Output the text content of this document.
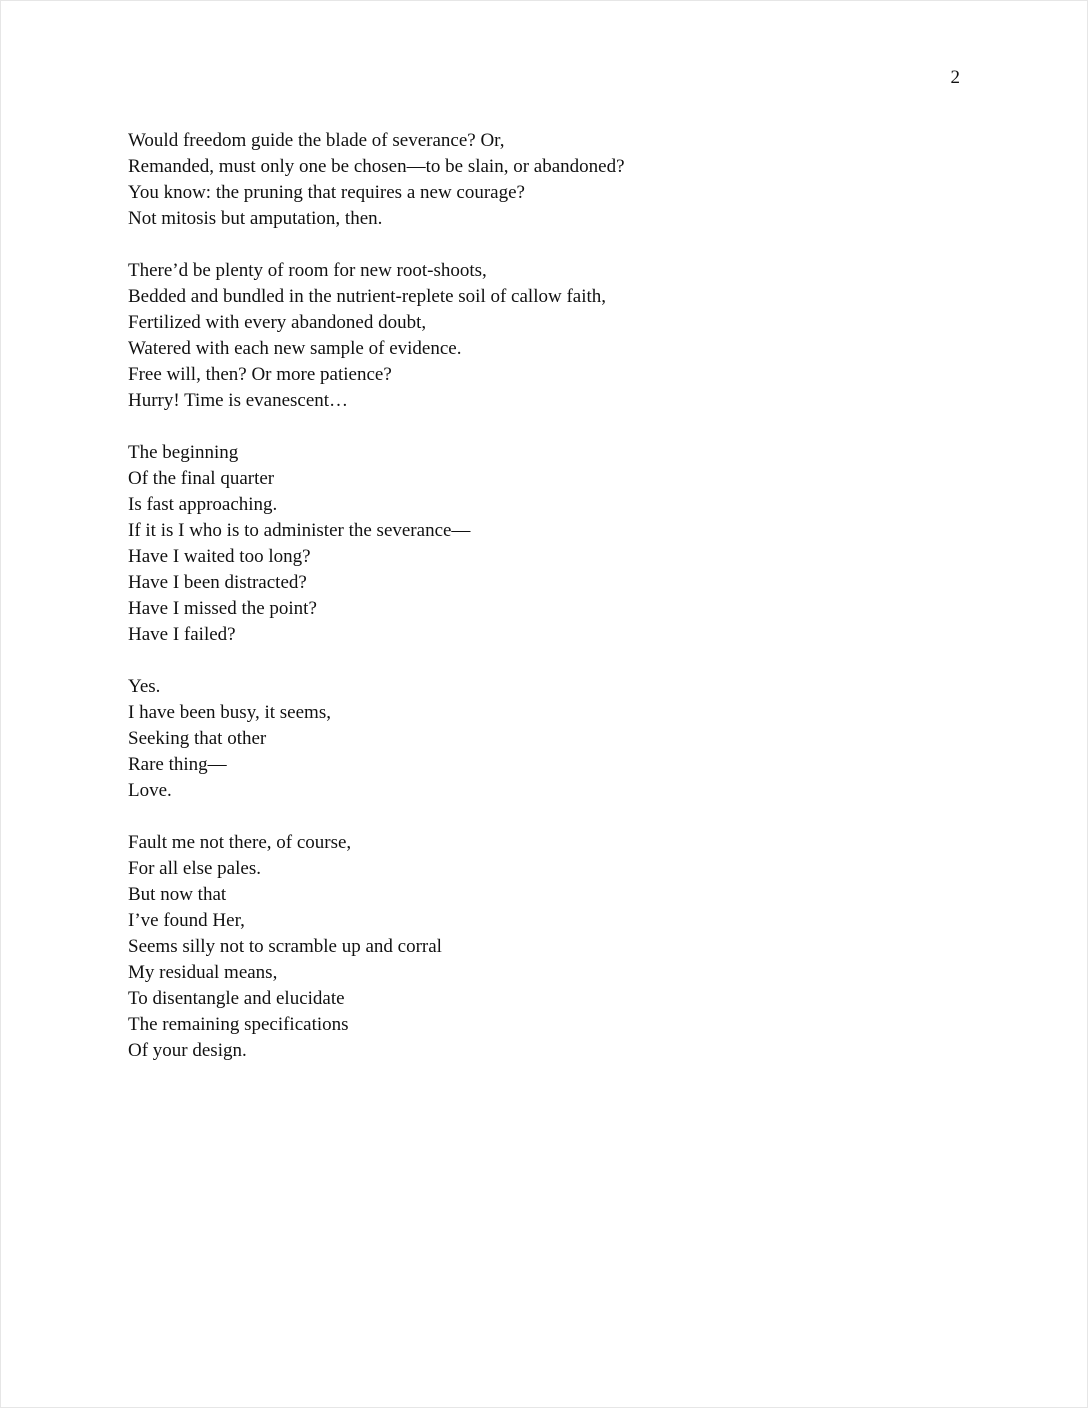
2
Would freedom guide the blade of severance? Or,
Remanded, must only one be chosen—to be slain, or abandoned?
You know: the pruning that requires a new courage?
Not mitosis but amputation, then.
There’d be plenty of room for new root-shoots,
Bedded and bundled in the nutrient-replete soil of callow faith,
Fertilized with every abandoned doubt,
Watered with each new sample of evidence.
Free will, then? Or more patience?
Hurry! Time is evanescent…
The beginning
Of the final quarter
Is fast approaching.
If it is I who is to administer the severance—
Have I waited too long?
Have I been distracted?
Have I missed the point?
Have I failed?
Yes.
I have been busy, it seems,
Seeking that other
Rare thing—
Love.
Fault me not there, of course,
For all else pales.
But now that
I’ve found Her,
Seems silly not to scramble up and corral
My residual means,
To disentangle and elucidate
The remaining specifications
Of your design.
